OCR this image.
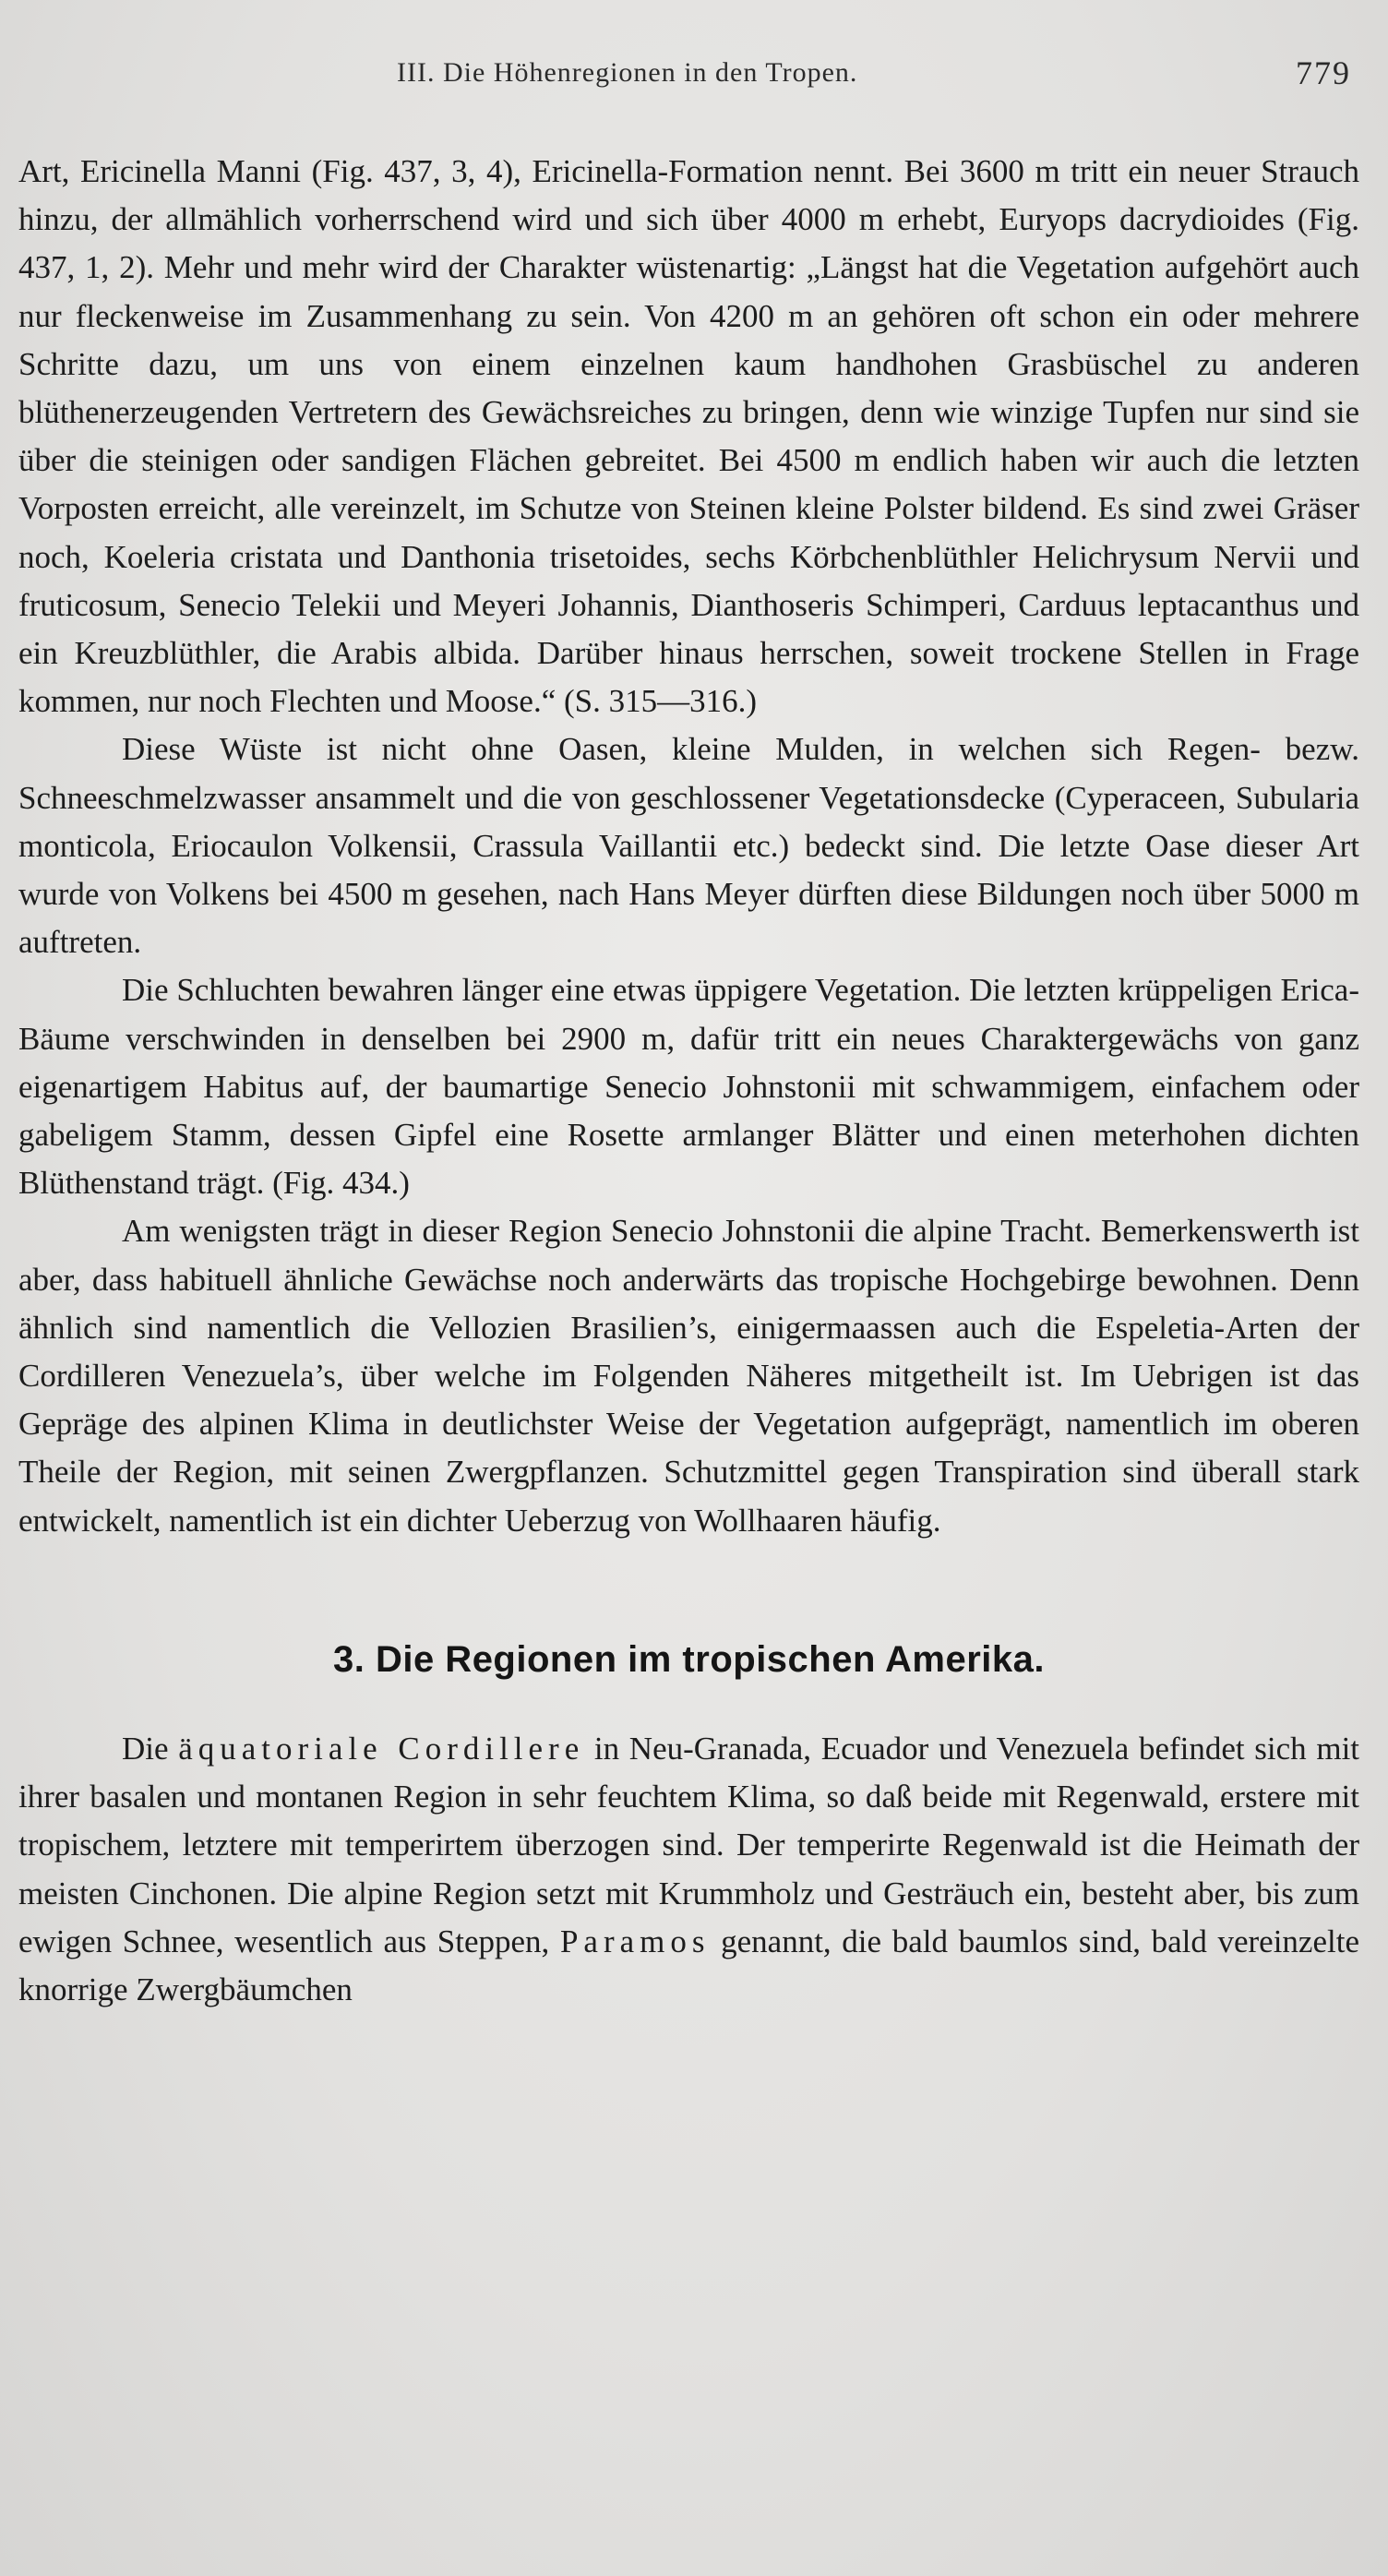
III. Die Höhenregionen in den Tropen.	779

Art, Ericinella Manni (Fig. 437, 3, 4), Ericinella-Formation nennt. Bei 3600 m tritt ein neuer Strauch hinzu, der allmählich vorherrschend wird und sich über 4000 m erhebt, Euryops dacrydioides (Fig. 437, 1, 2). Mehr und mehr wird der Charakter wüstenartig: „Längst hat die Vegetation aufgehört auch nur fleckenweise im Zusammenhang zu sein. Von 4200 m an gehören oft schon ein oder mehrere Schritte dazu, um uns von einem einzelnen kaum handhohen Grasbüschel zu anderen blüthenerzeugenden Vertretern des Gewächsreiches zu bringen, denn wie winzige Tupfen nur sind sie über die steinigen oder sandigen Flächen gebreitet. Bei 4500 m endlich haben wir auch die letzten Vorposten erreicht, alle vereinzelt, im Schutze von Steinen kleine Polster bildend. Es sind zwei Gräser noch, Koeleria cristata und Danthonia trisetoides, sechs Körbchenblüthler Helichrysum Nervii und fruticosum, Senecio Telekii und Meyeri Johannis, Dianthoseris Schimperi, Carduus leptacanthus und ein Kreuzblüthler, die Arabis albida. Darüber hinaus herrschen, soweit trockene Stellen in Frage kommen, nur noch Flechten und Moose.“ (S. 315—316.)

Diese Wüste ist nicht ohne Oasen, kleine Mulden, in welchen sich Regen- bezw. Schneeschmelzwasser ansammelt und die von geschlossener Vegetationsdecke (Cyperaceen, Subularia monticola, Eriocaulon Volkensii, Crassula Vaillantii etc.) bedeckt sind. Die letzte Oase dieser Art wurde von Volkens bei 4500 m gesehen, nach Hans Meyer dürften diese Bildungen noch über 5000 m auftreten.

Die Schluchten bewahren länger eine etwas üppigere Vegetation. Die letzten krüppeligen Erica-Bäume verschwinden in denselben bei 2900 m, dafür tritt ein neues Charaktergewächs von ganz eigenartigem Habitus auf, der baumartige Senecio Johnstonii mit schwammigem, einfachem oder gabeligem Stamm, dessen Gipfel eine Rosette armlanger Blätter und einen meterhohen dichten Blüthenstand trägt. (Fig. 434.)

Am wenigsten trägt in dieser Region Senecio Johnstonii die alpine Tracht. Bemerkenswerth ist aber, dass habituell ähnliche Gewächse noch anderwärts das tropische Hochgebirge bewohnen. Denn ähnlich sind namentlich die Vellozien Brasilien’s, einigermaassen auch die Espeletia-Arten der Cordilleren Venezuela’s, über welche im Folgenden Näheres mitgetheilt ist. Im Uebrigen ist das Gepräge des alpinen Klima in deutlichster Weise der Vegetation aufgeprägt, namentlich im oberen Theile der Region, mit seinen Zwergpflanzen. Schutzmittel gegen Transpiration sind überall stark entwickelt, namentlich ist ein dichter Ueberzug von Wollhaaren häufig.

3. Die Regionen im tropischen Amerika.

Die äquatoriale Cordillere in Neu-Granada, Ecuador und Venezuela befindet sich mit ihrer basalen und montanen Region in sehr feuchtem Klima, so daß beide mit Regenwald, erstere mit tropischem, letztere mit temperirtem überzogen sind. Der temperirte Regenwald ist die Heimath der meisten Cinchonen. Die alpine Region setzt mit Krummholz und Gesträuch ein, besteht aber, bis zum ewigen Schnee, wesentlich aus Steppen, Paramos genannt, die bald baumlos sind, bald vereinzelte knorrige Zwergbäumchen
